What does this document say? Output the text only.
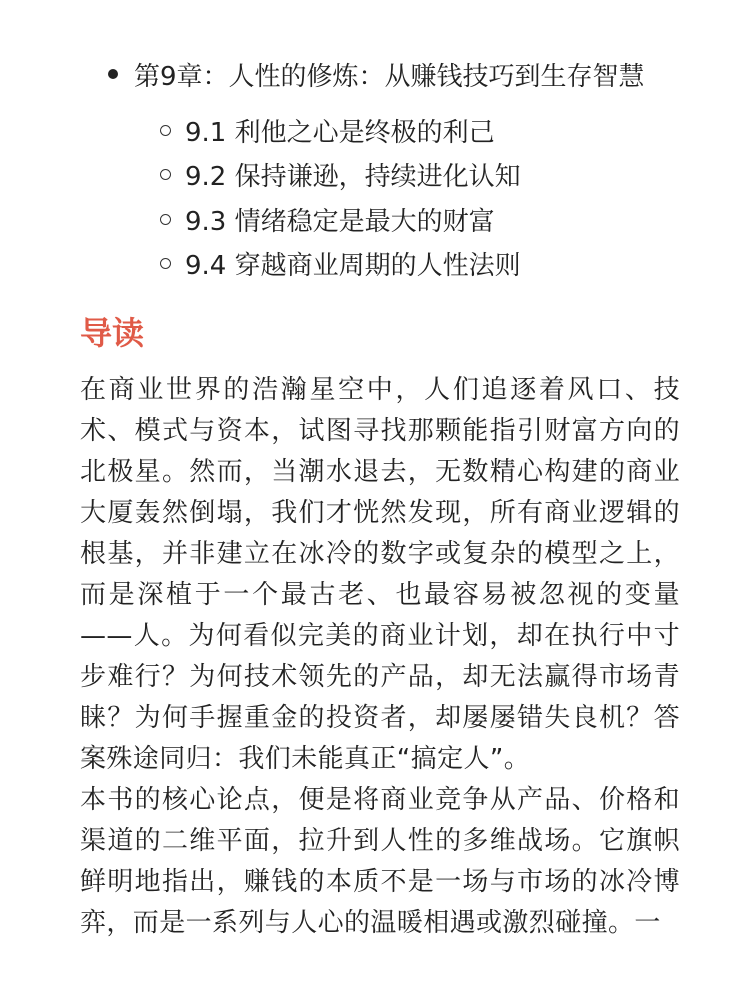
第9章：人性的修炼：从赚钱技巧到生存智慧
9.1 利他之心是终极的利己
9.2 保持谦逊，持续进化认知
9.3 情绪稳定是最大的财富
9.4 穿越商业周期的人性法则
导读

在商业世界的浩瀚星空中，人们追逐着风口、技术、模式与资本，试图寻找那颗能指引财富方向的北极星。然而，当潮水退去，无数精心构建的商业大厦轰然倒塌，我们才恍然发现，所有商业逻辑的根基，并非建立在冰冷的数字或复杂的模型之上，而是深植于一个最古老、也最容易被忽视的变量——人。为何看似完美的商业计划，却在执行中寸步难行？为何技术领先的产品，却无法赢得市场青睐？为何手握重金的投资者，却屡屡错失良机？答案殊途同归：我们未能真正“搞定人”。

本书的核心论点，便是将商业竞争从产品、价格和渠道的二维平面，拉升到人性的多维战场。它旗帜鲜明地指出，赚钱的本质不是一场与市场的冰冷博弈，而是一系列与人心的温暖相遇或激烈碰撞。一
